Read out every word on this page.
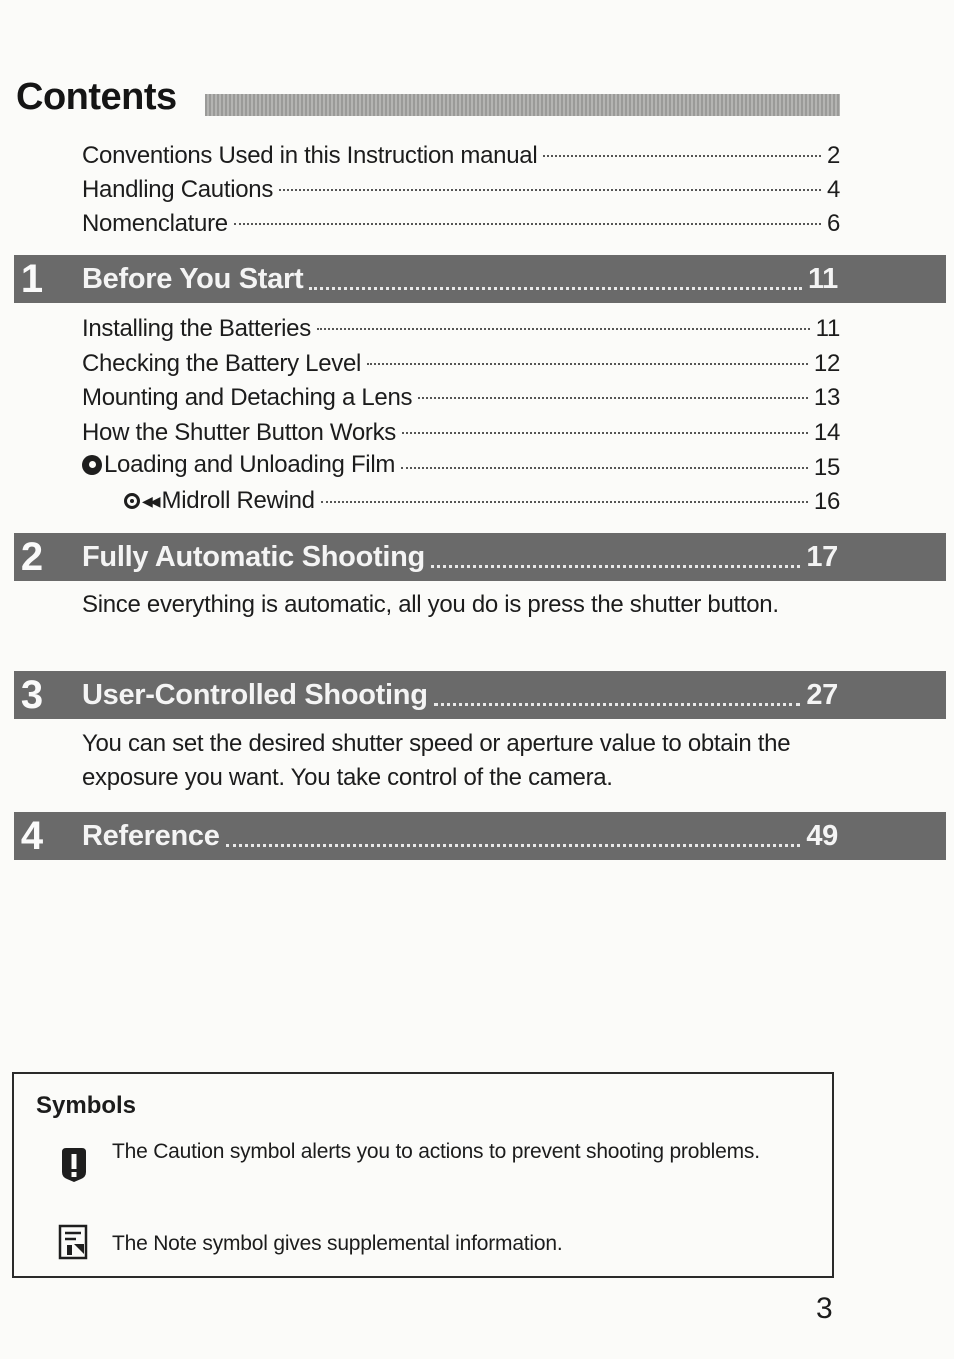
Contents
Conventions Used in this Instruction manual	2
Handling Cautions	4
Nomenclature	6
1 Before You Start	11
Installing the Batteries	11
Checking the Battery Level	12
Mounting and Detaching a Lens	13
How the Shutter Button Works	14
Loading and Unloading Film	15
◀◀ Midroll Rewind	16
2 Fully Automatic Shooting	17
Since everything is automatic, all you do is press the shutter button.
3 User-Controlled Shooting	27
You can set the desired shutter speed or aperture value to obtain the exposure you want. You take control of the camera.
4 Reference	49
Symbols
The Caution symbol alerts you to actions to prevent shooting problems.
The Note symbol gives supplemental information.
3
